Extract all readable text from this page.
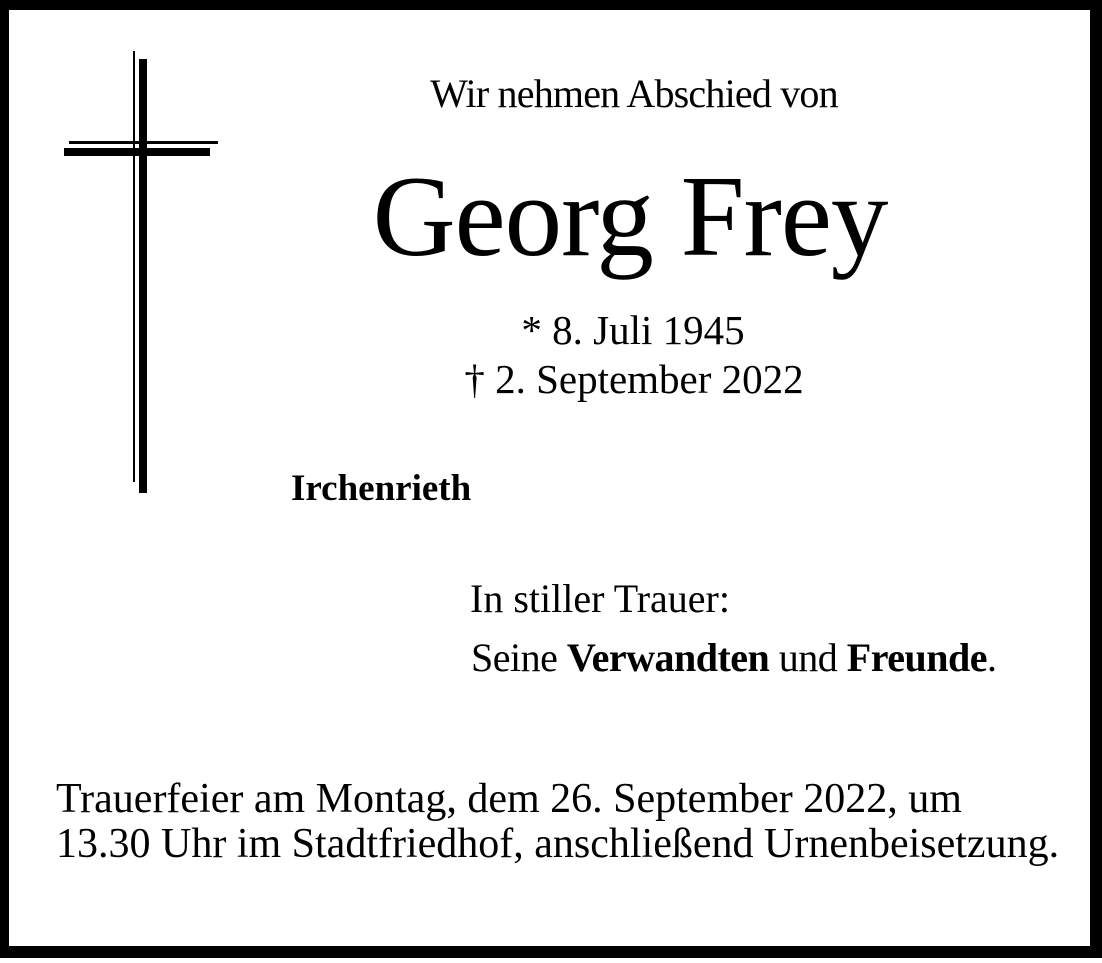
Wir nehmen Abschied von
Georg Frey
* 8. Juli 1945
† 2. September 2022
Irchenrieth
In stiller Trauer:
Seine Verwandten und Freunde.
Trauerfeier am Montag, dem 26. September 2022, um
13.30 Uhr im Stadtfriedhof, anschließend Urnenbeisetzung.
